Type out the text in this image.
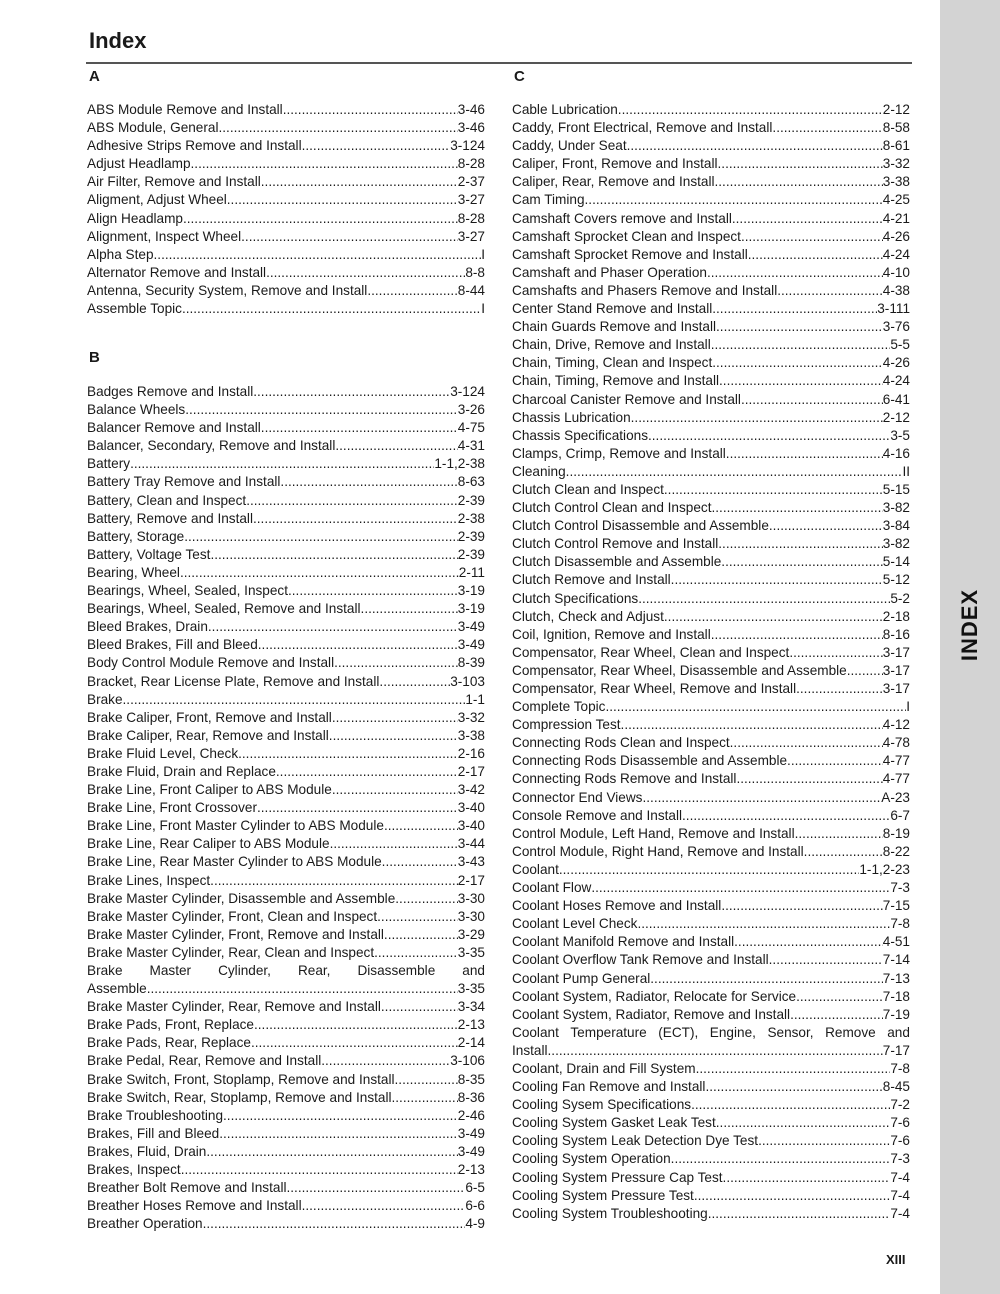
Index
A
ABS Module Remove and Install .....	3-46
ABS Module, General .....	3-46
Adhesive Strips Remove and Install .....	3-124
Adjust Headlamp .....	8-28
Air Filter, Remove and Install .....	2-37
Aligment, Adjust Wheel .....	3-27
Align Headlamp .....	8-28
Alignment, Inspect Wheel .....	3-27
Alpha Step .....	I
Alternator Remove and Install .....	8-8
Antenna, Security System, Remove and Install. .....	8-44
Assemble Topic .....	I
B
Badges Remove and Install .....	3-124
Balance Wheels .....	3-26
Balancer Remove and Install .....	4-75
Balancer, Secondary, Remove and Install .....	4-31
Battery .....	1-1,2-38
Battery Tray Remove and Install .....	8-63
Battery, Clean and Inspect .....	2-39
Battery, Remove and Install .....	2-38
Battery, Storage .....	2-39
Battery, Voltage Test .....	2-39
Bearing, Wheel .....	2-11
Bearings, Wheel, Sealed, Inspect .....	3-19
Bearings, Wheel, Sealed, Remove and Install .....	3-19
Bleed Brakes, Drain .....	3-49
Bleed Brakes, Fill and Bleed .....	3-49
Body Control Module Remove and Install .....	8-39
Bracket, Rear License Plate, Remove and Install .....	3-103
Brake .....	1-1
Brake Caliper, Front, Remove and Install .....	3-32
Brake Caliper, Rear, Remove and Install .....	3-38
Brake Fluid Level, Check .....	2-16
Brake Fluid, Drain and Replace .....	2-17
Brake Line, Front Caliper to ABS Module .....	3-42
Brake Line, Front Crossover .....	3-40
Brake Line, Front Master Cylinder to ABS Module .....	3-40
Brake Line, Rear Caliper to ABS Module .....	3-44
Brake Line, Rear Master Cylinder to ABS Module .....	3-43
Brake Lines, Inspect .....	2-17
Brake Master Cylinder, Disassemble and Assemble .....	3-30
Brake Master Cylinder, Front, Clean and Inspect .....	3-30
Brake Master Cylinder, Front, Remove and Install .....	3-29
Brake Master Cylinder, Rear, Clean and Inspect .....	3-35
Brake Master Cylinder, Rear, Disassemble and
Assemble .....	3-35
Brake Master Cylinder, Rear, Remove and Install .....	3-34
Brake Pads, Front, Replace .....	2-13
Brake Pads, Rear, Replace .....	2-14
Brake Pedal, Rear, Remove and Install .....	3-106
Brake Switch, Front, Stoplamp, Remove and Install .....	8-35
Brake Switch, Rear, Stoplamp, Remove and Install .....	8-36
Brake Troubleshooting .....	2-46
Brakes, Fill and Bleed .....	3-49
Brakes, Fluid, Drain .....	3-49
Brakes, Inspect .....	2-13
Breather Bolt Remove and Install .....	6-5
Breather Hoses Remove and Install .....	6-6
Breather Operation .....	4-9
C
Cable Lubrication .....	2-12
Caddy, Front Electrical, Remove and Install. .....	8-58
Caddy, Under Seat .....	8-61
Caliper, Front, Remove and Install .....	3-32
Caliper, Rear, Remove and Install .....	3-38
Cam Timing .....	4-25
Camshaft Covers remove and Install .....	4-21
Camshaft Sprocket Clean and Inspect .....	4-26
Camshaft Sprocket Remove and Install .....	4-24
Camshaft and Phaser Operation .....	4-10
Camshafts and Phasers Remove and Install .....	4-38
Center Stand Remove and Install .....	3-111
Chain Guards Remove and Install .....	3-76
Chain, Drive, Remove and Install .....	5-5
Chain, Timing, Clean and Inspect .....	4-26
Chain, Timing, Remove and Install .....	4-24
Charcoal Canister Remove and Install .....	6-41
Chassis Lubrication .....	2-12
Chassis Specifications .....	3-5
Clamps, Crimp, Remove and Install .....	4-16
Cleaning .....	II
Clutch Clean and Inspect .....	5-15
Clutch Control Clean and Inspect .....	3-82
Clutch Control Disassemble and Assemble .....	3-84
Clutch Control Remove and Install .....	3-82
Clutch Disassemble and Assemble .....	5-14
Clutch Remove and Install .....	5-12
Clutch Specifications .....	5-2
Clutch, Check and Adjust .....	2-18
Coil, Ignition, Remove and Install .....	8-16
Compensator, Rear Wheel, Clean and Inspect .....	3-17
Compensator, Rear Wheel, Disassemble and Assemble. ..... 3-17
Compensator, Rear Wheel, Remove and Install .....	3-17
Complete Topic .....	I
Compression Test .....	4-12
Connecting Rods Clean and Inspect .....	4-78
Connecting Rods Disassemble and Assemble .....	4-77
Connecting Rods Remove and Install .....	4-77
Connector End Views .....	A-23
Console Remove and Install .....	6-7
Control Module, Left Hand, Remove and Install .....	8-19
Control Module, Right Hand, Remove and Install .....	8-22
Coolant .....	1-1,2-23
Coolant Flow .....	7-3
Coolant Hoses Remove and Install .....	7-15
Coolant Level Check .....	7-8
Coolant Manifold Remove and Install .....	4-51
Coolant Overflow Tank Remove and Install .....	7-14
Coolant Pump General .....	7-13
Coolant System, Radiator, Relocate for Service .....	7-18
Coolant System, Radiator, Remove and Install .....	7-19
Coolant Temperature (ECT), Engine, Sensor, Remove and
Install .....	7-17
Coolant, Drain and Fill System .....	7-8
Cooling Fan Remove and Install .....	8-45
Cooling Sysem Specifications .....	7-2
Cooling System Gasket Leak Test .....	7-6
Cooling System Leak Detection Dye Test .....	7-6
Cooling System Operation .....	7-3
Cooling System Pressure Cap Test .....	7-4
Cooling System Pressure Test .....	7-4
Cooling System Troubleshooting .....	7-4
INDEX
XIII
